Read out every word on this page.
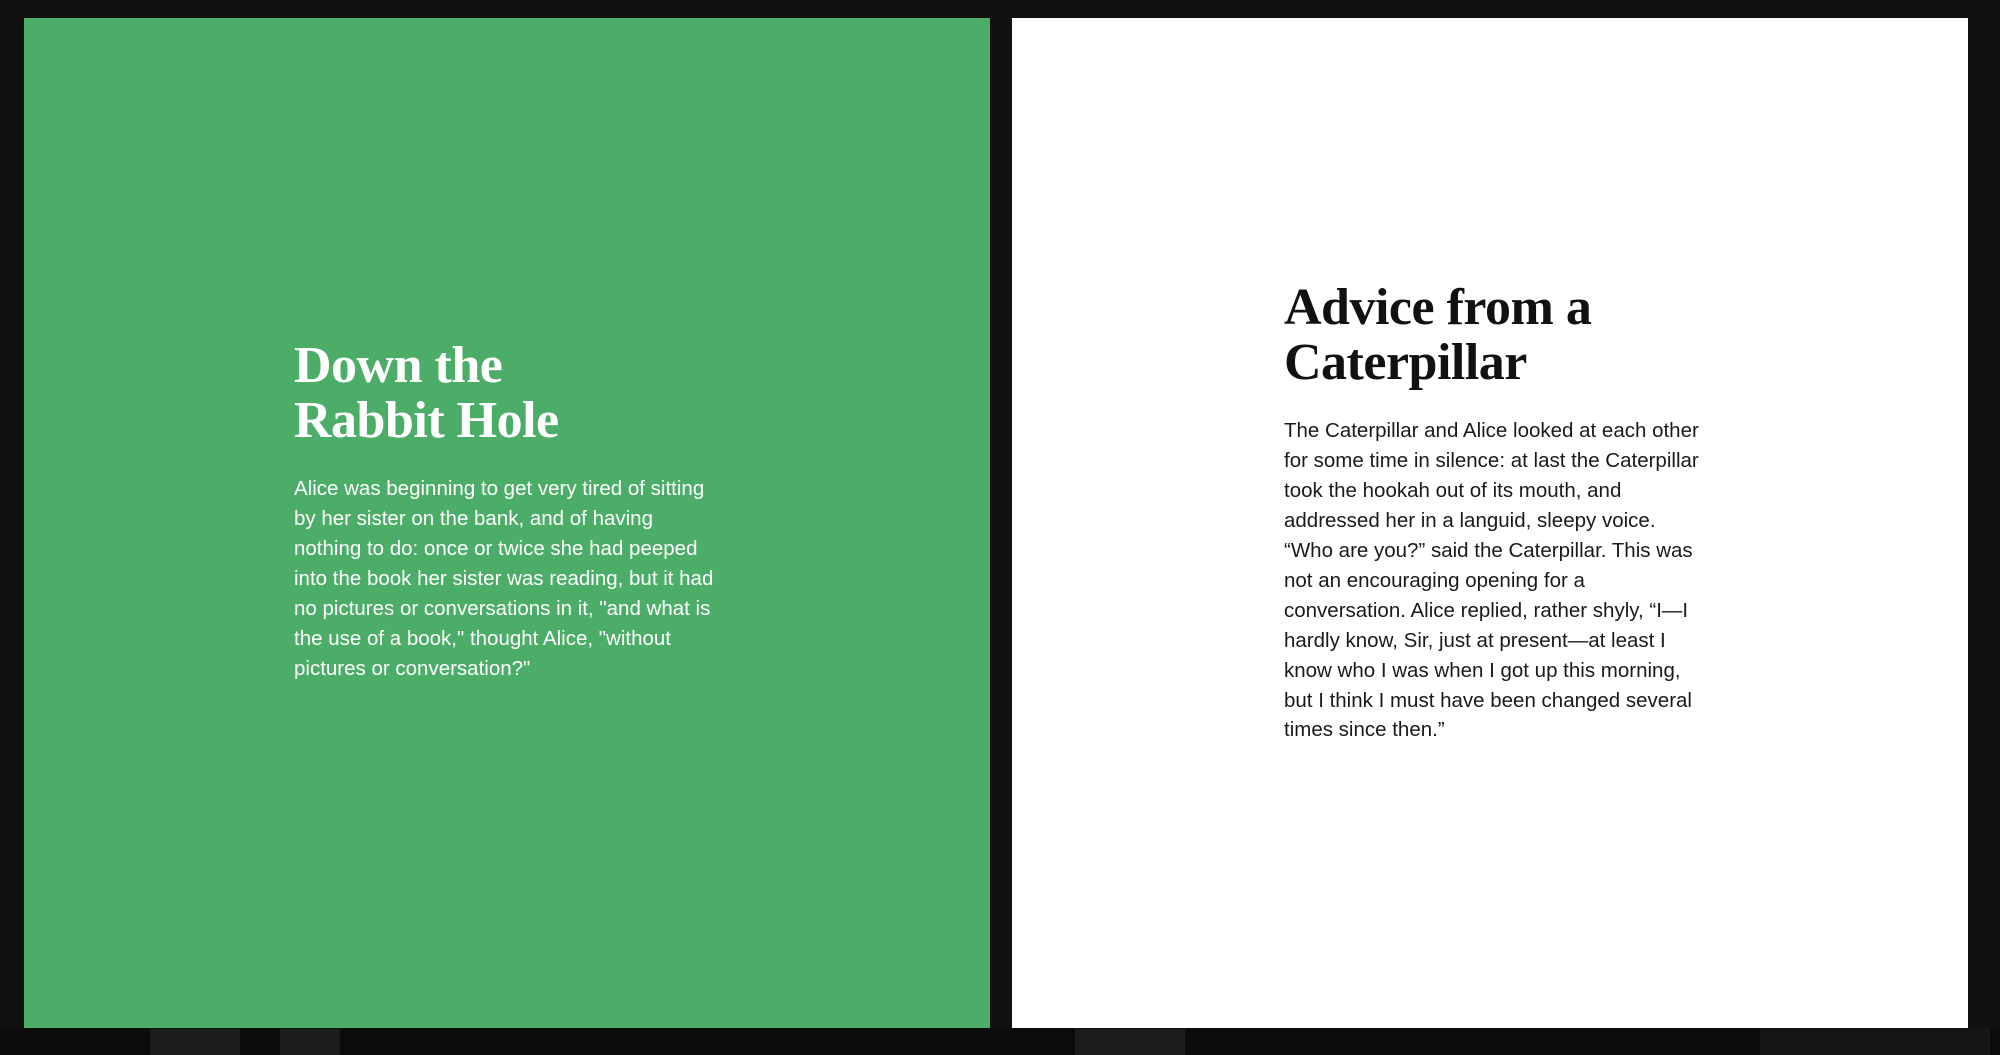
Down the Rabbit Hole

Alice was beginning to get very tired of sitting by her sister on the bank, and of having nothing to do: once or twice she had peeped into the book her sister was reading, but it had no pictures or conversations in it, "and what is the use of a book," thought Alice, "without pictures or conversation?"

Advice from a Caterpillar

The Caterpillar and Alice looked at each other for some time in silence: at last the Caterpillar took the hookah out of its mouth, and addressed her in a languid, sleepy voice. “Who are you?” said the Caterpillar. This was not an encouraging opening for a conversation. Alice replied, rather shyly, “I—I hardly know, Sir, just at present—at least I know who I was when I got up this morning, but I think I must have been changed several times since then.”
